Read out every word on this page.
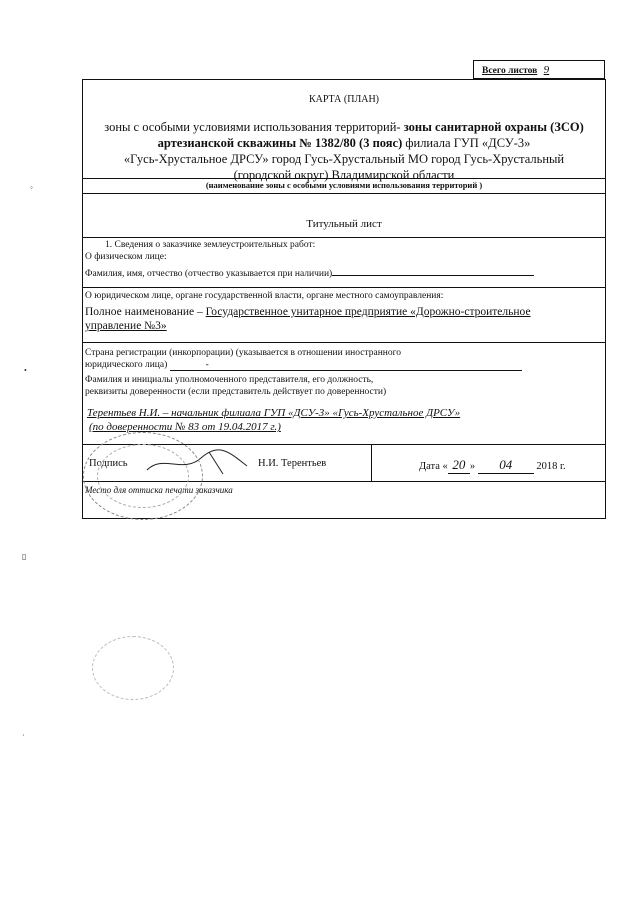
Всего листов 9
КАРТА (ПЛАН)
зоны с особыми условиями использования территорий- зоны санитарной охраны (ЗСО)
артезианской скважины № 1382/80 (3 пояс) филиала ГУП «ДСУ-3»
«Гусь-Хрустальное ДРСУ» город Гусь-Хрустальный МО город Гусь-Хрустальный
(городской округ) Владимирской области
(наименование зоны с особыми условиями использования территорий )
Титульный лист
1. Сведения о заказчике землеустроительных работ:
О физическом лице:
Фамилия, имя, отчество (отчество указывается при наличии)
О юридическом лице, органе государственной власти, органе местного самоуправления:
Полное наименование – Государственное унитарное предприятие «Дорожно-строительное управление №3»
Страна регистрации (инкорпорации) (указывается в отношении иностранного
юридического лица)	-
Фамилия и инициалы уполномоченного представителя, его должность,
реквизиты доверенности (если представитель действует по доверенности)
Терентьев Н.И. – начальник филиала ГУП «ДСУ-3» «Гусь-Хрустальное ДРСУ»
(по доверенности № 83 от 19.04.2017 г.)
Подпись	Н.И. Терентьев	Дата « 20 » 04 2018 г.
Место для оттиска печати заказчика
◦
•
▯
·
